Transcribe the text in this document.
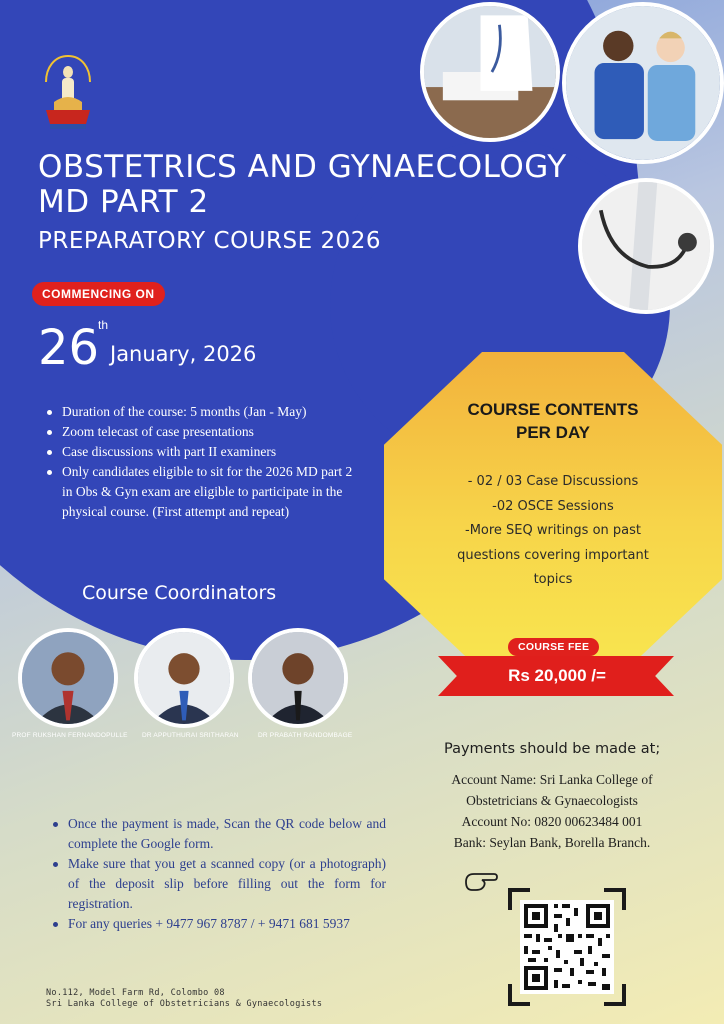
OBSTETRICS AND GYNAECOLOGY
MD PART 2
PREPARATORY COURSE 2026
COMMENCING ON
26
th
January, 2026
Duration of the course: 5 months (Jan - May)
Zoom telecast of case presentations
Case discussions with part II examiners
Only candidates eligible to sit for the 2026 MD part 2 in Obs & Gyn exam are eligible to participate in the physical course. (First attempt and repeat)
Course Coordinators
PROF RUKSHAN FERNANDOPULLE DR APPUTHURAI SRITHARAN	DR PRABATH RANDOMBAGE
COURSE CONTENTS
PER DAY
- 02 / 03 Case Discussions
-02 OSCE Sessions
-More SEQ writings on past
questions covering important
topics
COURSE FEE
Rs 20,000 /=
Payments should be made at;
Account Name: Sri Lanka College of
Obstetricians & Gynaecologists
Account No: 0820 00623484 001
Bank: Seylan Bank, Borella Branch.
Once the payment is made, Scan the QR code below and complete the Google form.
Make sure that you get a scanned copy (or a photograph) of the deposit slip before filling out the form for registration.
For any queries + 9477 967 8787 / + 9471 681 5937
No.112, Model Farm Rd, Colombo 08
Sri Lanka College of Obstetricians & Gynaecologists
